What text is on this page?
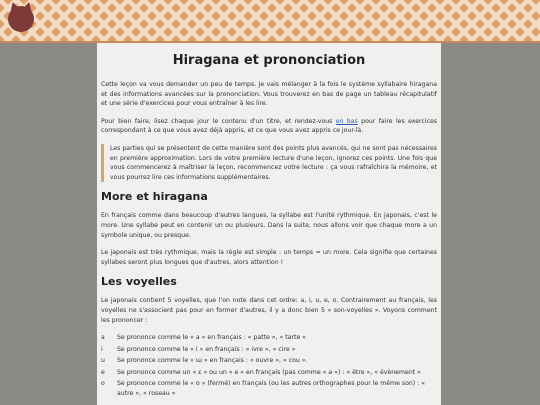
Hiragana et prononciation

Cette leçon va vous demander un peu de temps. Je vais mélanger à la fois le système syllabaire hiragana et des informations avancées sur la prononciation. Vous trouverez en bas de page un tableau récapitulatif et une série d'exercices pour vous entraîner à les lire.

Pour bien faire, lisez chaque jour le contenu d'un titre, et rendez-vous en bas pour faire les exercices correspondant à ce que vous avez déjà appris, et ce que vous avez appris ce jour-là.

Les parties qui se présentent de cette manière sont des points plus avancés, qui ne sont pas nécessaires en première approximation. Lors de votre première lecture d'une leçon, ignorez ces points. Une fois que vous commencerez à maîtriser la leçon, recommencez votre lecture : ça vous rafraîchira la mémoire, et vous pourrez lire ces informations supplémentaires.

More et hiragana

En français comme dans beaucoup d'autres langues, la syllabe est l'unité rythmique. En japonais, c'est le more. Une syllabe peut en contenir un ou plusieurs. Dans la suite, nous allons voir que chaque more a un symbole unique, ou presque.

Le japonais est très rythmique, mais la règle est simple : un temps = un more. Cela signifie que certaines syllabes seront plus longues que d'autres, alors attention !

Les voyelles

Le japonais contient 5 voyelles, que l'on note dans cet ordre: a, i, u, e, o. Contrairement au français, les voyelles ne s'associent pas pour en former d'autres, il y a donc bien 5 « son-voyelles ». Voyons comment les prononcer :

a	Se prononce comme le « a » en français : « patte », « tarte »
i	Se prononce comme le « i » en français : « ivre », « cire »
u	Se prononce comme le « ɯ » en français : « ouvre », « cou ».
e	Se prononce comme un « ɛ » ou un « e » en français (pas comme « ə ») : « être », « évènement »
o	Se prononce comme le « o » (fermé) en français (ou les autres orthographes pour le même son) : « autre », « roseau »
